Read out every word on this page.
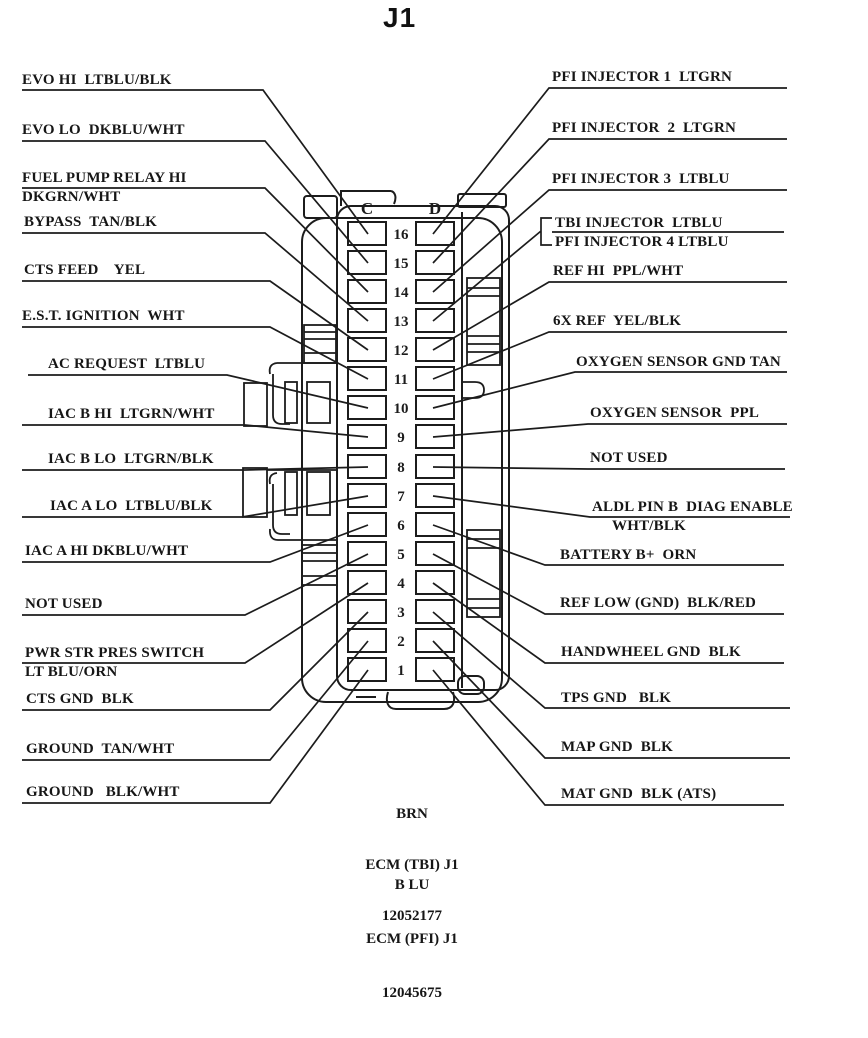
J1
C	D
16
15
14
13
12
11
10
9
8
7
6
5
4
3
2
1
EVO HI  LTBLU/BLK
EVO LO  DKBLU/WHT
FUEL PUMP RELAY HI
DKGRN/WHT
BYPASS  TAN/BLK
CTS FEED    YEL
E.S.T. IGNITION  WHT
AC REQUEST  LTBLU
IAC B HI  LTGRN/WHT
IAC B LO  LTGRN/BLK
IAC A LO  LTBLU/BLK
IAC A HI DKBLU/WHT
NOT USED
PWR STR PRES SWITCH
LT BLU/ORN
CTS GND  BLK
GROUND  TAN/WHT
GROUND   BLK/WHT
PFI INJECTOR 1  LTGRN
PFI INJECTOR  2  LTGRN
PFI INJECTOR 3  LTBLU
TBI INJECTOR  LTBLU
PFI INJECTOR 4 LTBLU
REF HI  PPL/WHT
6X REF  YEL/BLK
OXYGEN SENSOR GND TAN
OXYGEN SENSOR  PPL
NOT USED
ALDL PIN B  DIAG ENABLE
WHT/BLK
BATTERY B+  ORN
REF LOW (GND)  BLK/RED
HANDWHEEL GND  BLK
TPS GND   BLK
MAP GND  BLK
MAT GND  BLK (ATS)

BRN

ECM (TBI) J1

12052177

B LU

ECM (PFI) J1

12045675
